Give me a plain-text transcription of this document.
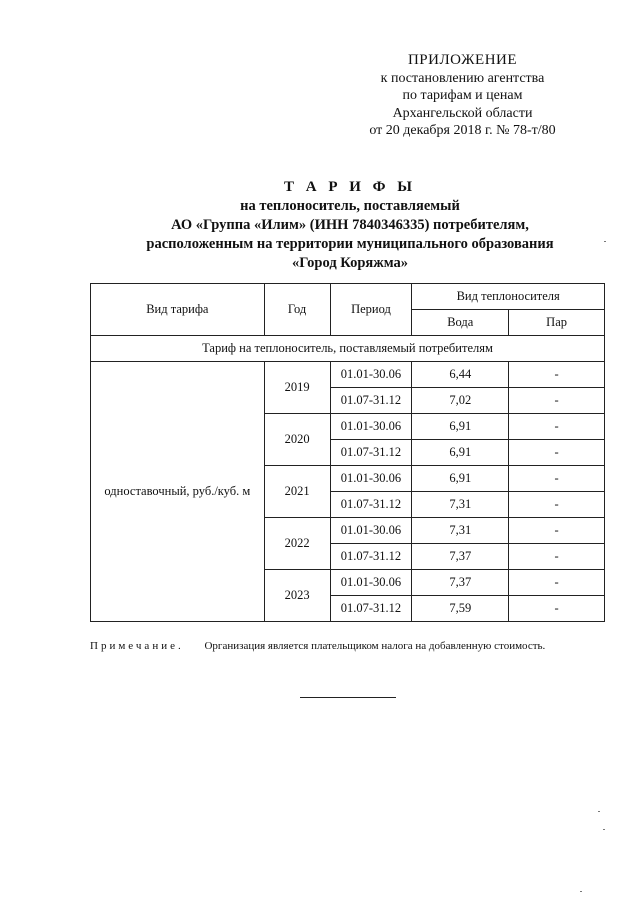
ПРИЛОЖЕНИЕ
к постановлению агентства
по тарифам и ценам
Архангельской области
от 20 декабря 2018 г. № 78-т/80
Т А Р И Ф Ы
на теплоноситель, поставляемый
АО «Группа «Илим» (ИНН 7840346335) потребителям,
расположенным на территории муниципального образования
«Город Коряжма»
Вид тарифа	Год	Период	Вид теплоносителя	
			Вода	Пар
Тариф на теплоноситель, поставляемый потребителям				
одноставочный, руб./куб. м	2019	01.01-30.06	6,44	-
		01.07-31.12	7,02	-
	2020	01.01-30.06	6,91	-
		01.07-31.12	6,91	-
	2021	01.01-30.06	6,91	-
		01.07-31.12	7,31	-
	2022	01.01-30.06	7,31	-
		01.07-31.12	7,37	-
	2023	01.01-30.06	7,37	-
		01.07-31.12	7,59	-
Примечание. Организация является плательщиком налога на добавленную стоимость.
